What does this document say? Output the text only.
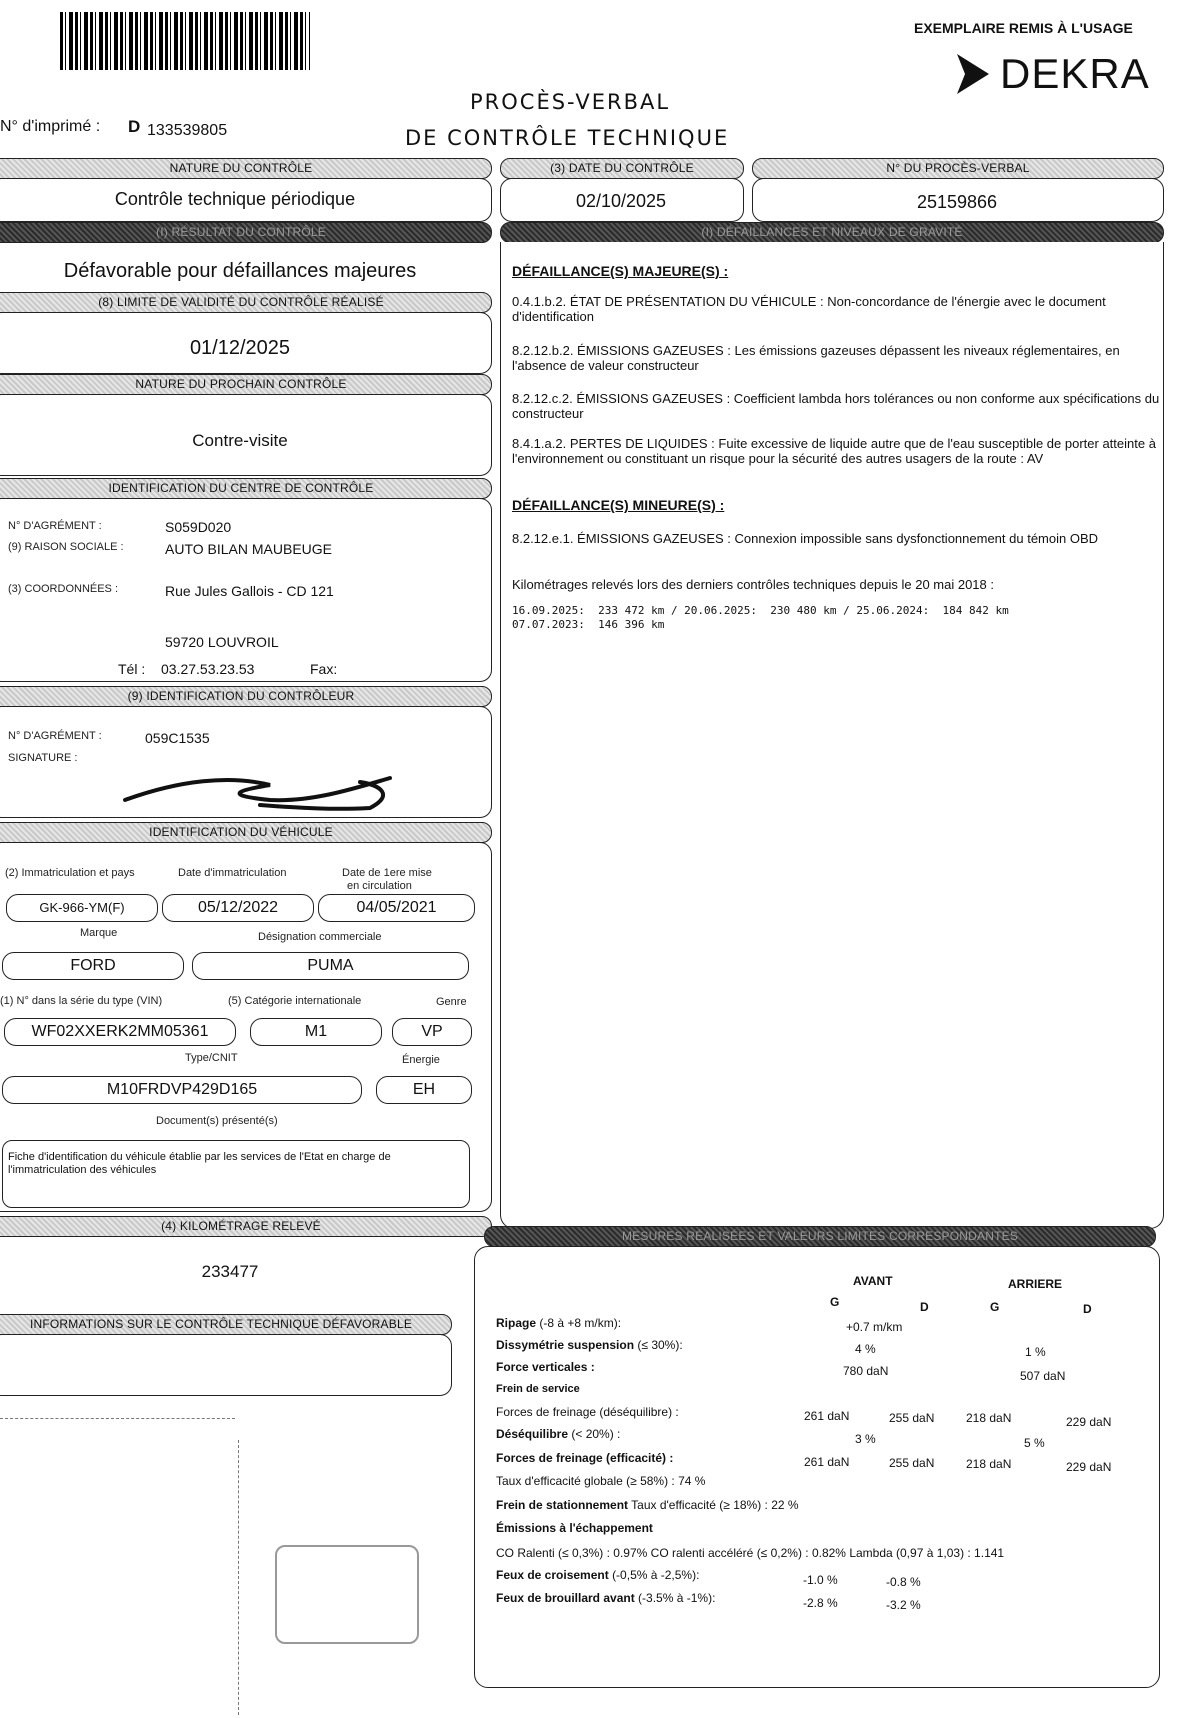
EXEMPLAIRE REMIS À L'USAGE
DEKRA
PROCÈS-VERBAL
DE CONTRÔLE TECHNIQUE
N° d'imprimé : D 133539805
NATURE DU CONTRÔLE
Contrôle technique périodique
(3) DATE DU CONTRÔLE
02/10/2025
N° DU PROCÈS-VERBAL
25159866
(I) RÉSULTAT DU CONTRÔLE
Défavorable pour défaillances majeures
(8) LIMITE DE VALIDITÉ DU CONTRÔLE RÉALISÉ
01/12/2025
NATURE DU PROCHAIN CONTRÔLE
Contre-visite
IDENTIFICATION DU CENTRE DE CONTRÔLE
N° D'AGRÉMENT :	S059D020
(9) RAISON SOCIALE :	AUTO BILAN MAUBEUGE
(3) COORDONNÉES :	Rue Jules Gallois - CD 121
59720 LOUVROIL
Tél : 03.27.53.23.53	Fax:
(9) IDENTIFICATION DU CONTRÔLEUR
N° D'AGRÉMENT :	059C1535
SIGNATURE :
IDENTIFICATION DU VÉHICULE
(2) Immatriculation et pays	Date d'immatriculation	Date de 1ere mise
en circulation
GK-966-YM(F)	05/12/2022	04/05/2021
Marque	Désignation commerciale
FORD	PUMA
(1) N° dans la série du type (VIN)	(5) Catégorie internationale	Genre
WF02XXERK2MM05361	M1	VP
Type/CNIT	Énergie
M10FRDVP429D165	EH
Document(s) présenté(s)
Fiche d'identification du véhicule établie par les services de l'Etat en charge de l'immatriculation des véhicules
(4) KILOMÉTRAGE RELEVÉ
233477
INFORMATIONS SUR LE CONTRÔLE TECHNIQUE DÉFAVORABLE
(I) DÉFAILLANCES ET NIVEAUX DE GRAVITÉ
DÉFAILLANCE(S) MAJEURE(S) :
0.4.1.b.2. ÉTAT DE PRÉSENTATION DU VÉHICULE : Non-concordance de l'énergie avec le document d'identification
8.2.12.b.2. ÉMISSIONS GAZEUSES : Les émissions gazeuses dépassent les niveaux réglementaires, en l'absence de valeur constructeur
8.2.12.c.2. ÉMISSIONS GAZEUSES : Coefficient lambda hors tolérances ou non conforme aux spécifications du constructeur
8.4.1.a.2. PERTES DE LIQUIDES : Fuite excessive de liquide autre que de l'eau susceptible de porter atteinte à l'environnement ou constituant un risque pour la sécurité des autres usagers de la route : AV
DÉFAILLANCE(S) MINEURE(S) :
8.2.12.e.1. ÉMISSIONS GAZEUSES : Connexion impossible sans dysfonctionnement du témoin OBD
Kilométrages relevés lors des derniers contrôles techniques depuis le 20 mai 2018 :
16.09.2025:  233 472 km / 20.06.2025:  230 480 km / 25.06.2024:  184 842 km
07.07.2023:  146 396 km
MESURES RÉALISÉES ET VALEURS LIMITES CORRESPONDANTES
AVANT	ARRIERE
G	D	G	D
Ripage (-8 à +8 m/km):	+0.7 m/km
Dissymétrie suspension (≤ 30%):	4 %	1 %
Force verticales :	780 daN	507 daN
Frein de service
Forces de freinage (déséquilibre) :	261 daN	255 daN	218 daN	229 daN
Déséquilibre (< 20%) :	3 %	5 %
Forces de freinage (efficacité) :	261 daN	255 daN	218 daN	229 daN
Taux d'efficacité globale (≥ 58%) : 74 %
Frein de stationnement Taux d'efficacité (≥ 18%) : 22 %
Émissions à l'échappement
CO Ralenti (≤ 0,3%) : 0.97% CO ralenti accéléré (≤ 0,2%) : 0.82% Lambda (0,97 à 1,03) : 1.141
Feux de croisement (-0,5% à -2,5%):	-1.0 %	-0.8 %
Feux de brouillard avant (-3.5% à -1%):	-2.8 %	-3.2 %
